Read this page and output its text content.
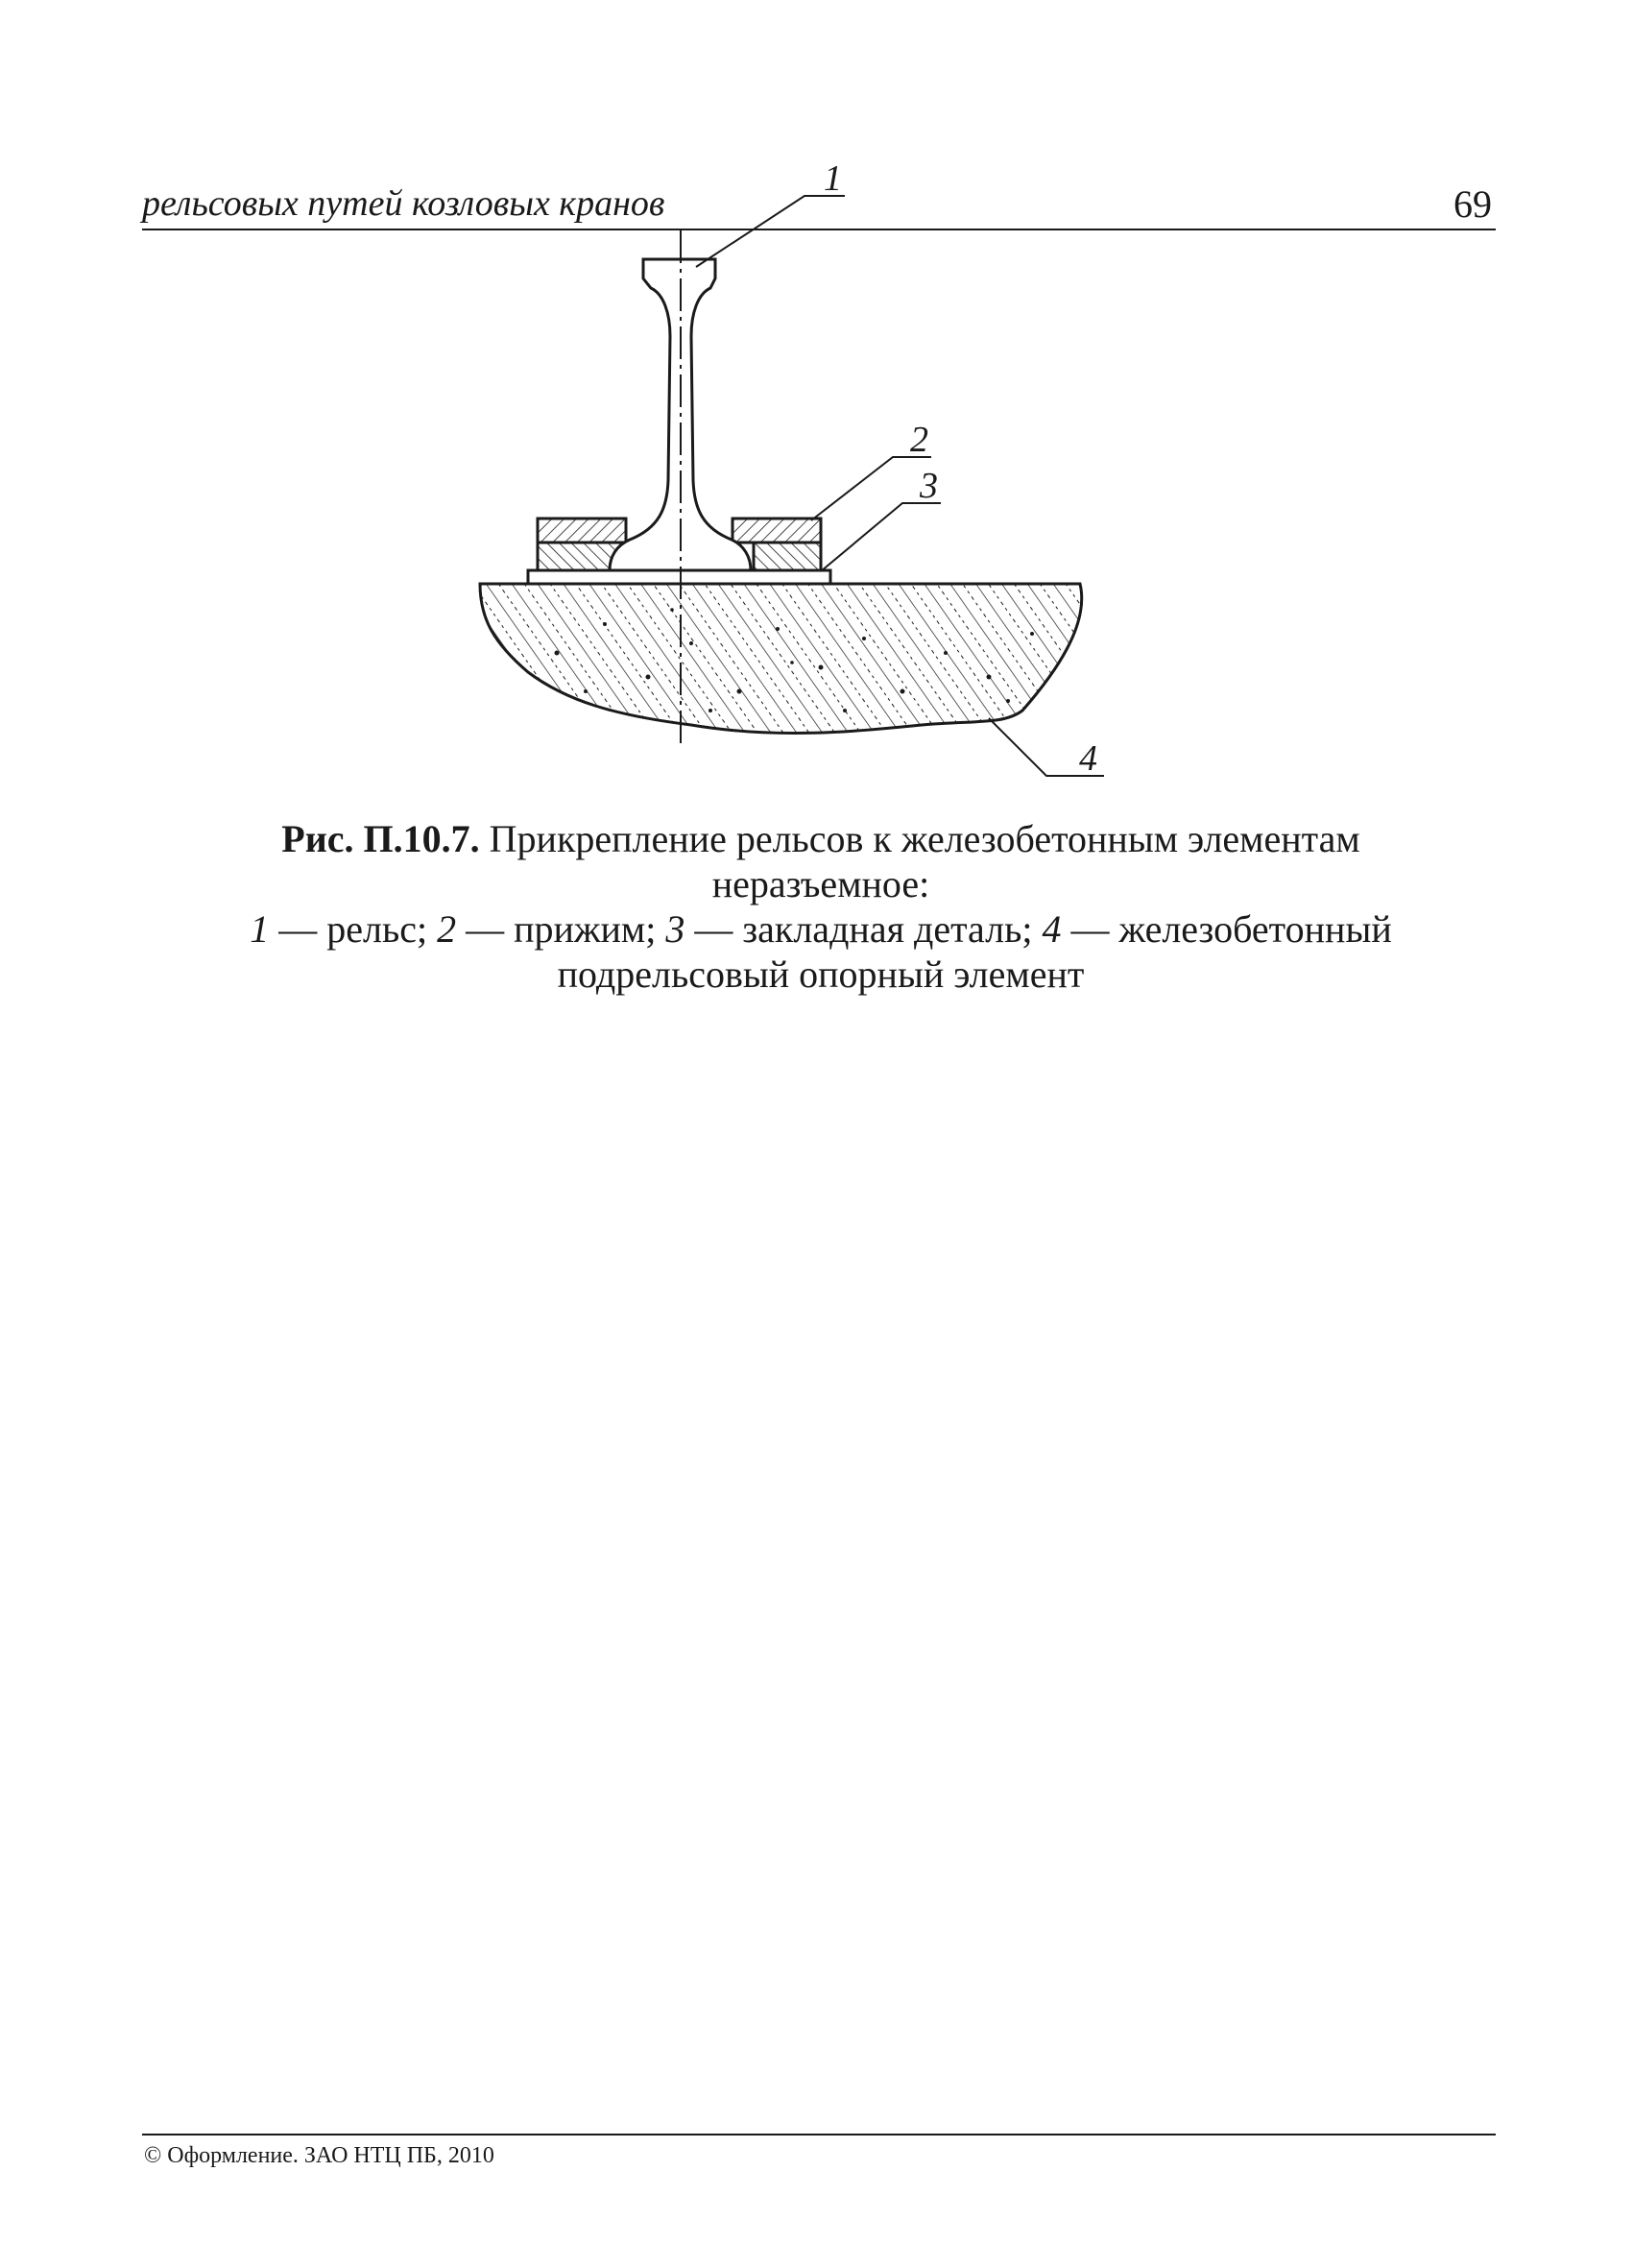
рельсовых путей козловых кранов	69
1
2
3
4
Рис. П.10.7. Прикрепление рельсов к железобетонным элементам
неразъемное:
1 — рельс; 2 — прижим; 3 — закладная деталь; 4 — железобетонный
подрельсовый опорный элемент
© Оформление. ЗАО НТЦ ПБ, 2010
